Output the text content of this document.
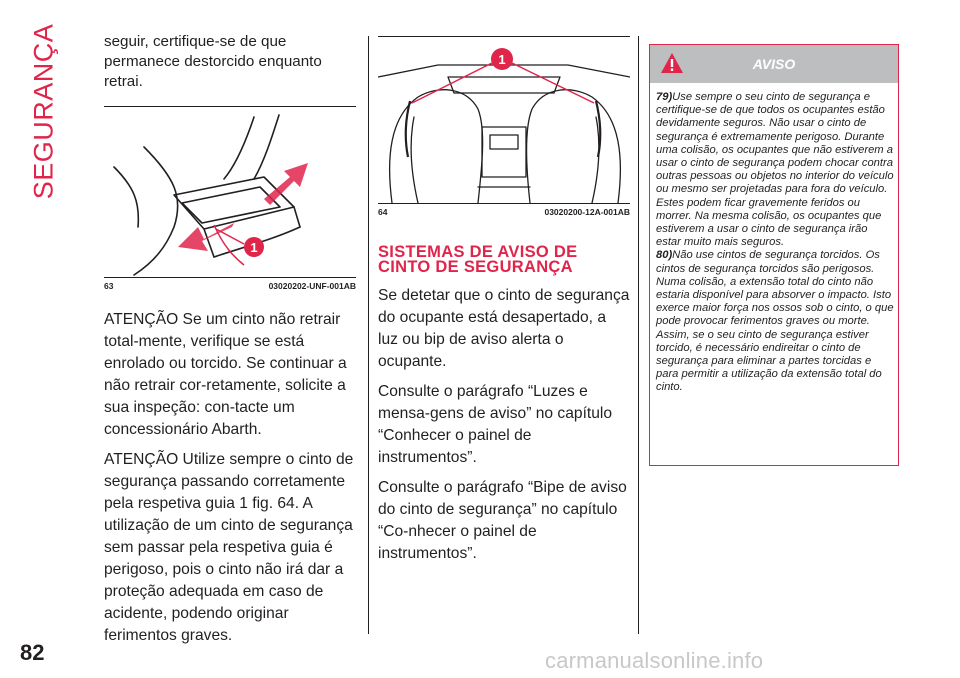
SEGURANÇA
82

seguir, certifique-se de que permanece destorcido enquanto retrai.

1
63	03020202-UNF-001AB

ATENÇÃO Se um cinto não retrair total-mente, verifique se está enrolado ou torcido. Se continuar a não retrair cor-retamente, solicite a sua inspeção: con-tacte um concessionário Abarth.

ATENÇÃO Utilize sempre o cinto de segurança passando corretamente pela respetiva guia 1 fig. 64. A utilização de um cinto de segurança sem passar pela respetiva guia é perigoso, pois o cinto não irá dar a proteção adequada em caso de acidente, podendo originar ferimentos graves.

1
64	03020200-12A-001AB

SISTEMAS DE AVISO DE

CINTO DE SEGURANÇA

Se detetar que o cinto de segurança do ocupante está desapertado, a luz ou bip de aviso alerta o ocupante.

Consulte o parágrafo “Luzes e mensa-gens de aviso” no capítulo “Conhecer o painel de instrumentos”.

Consulte o parágrafo “Bipe de aviso do cinto de segurança” no capítulo “Co-nhecer o painel de instrumentos”.

AVISO

79)Use sempre o seu cinto de segurança e certifique-se de que todos os ocupantes estão devidamente seguros. Não usar o cinto de segurança é extremamente perigoso. Durante uma colisão, os ocupantes que não estiverem a usar o cinto de segurança podem chocar contra outras pessoas ou objetos no interior do veículo ou mesmo ser projetadas para fora do veículo. Estes podem ficar gravemente feridos ou morrer. Na mesma colisão, os ocupantes que estiverem a usar o cinto de segurança irão estar muito mais seguros.

80)Não use cintos de segurança torcidos. Os cintos de segurança torcidos são perigosos. Numa colisão, a extensão total do cinto não estaria disponível para absorver o impacto. Isto exerce maior força nos ossos sob o cinto, o que pode provocar ferimentos graves ou morte. Assim, se o seu cinto de segurança estiver torcido, é necessário endireitar o cinto de segurança para eliminar a partes torcidas e para permitir a utilização da extensão total do cinto.

carmanualsonline.info
